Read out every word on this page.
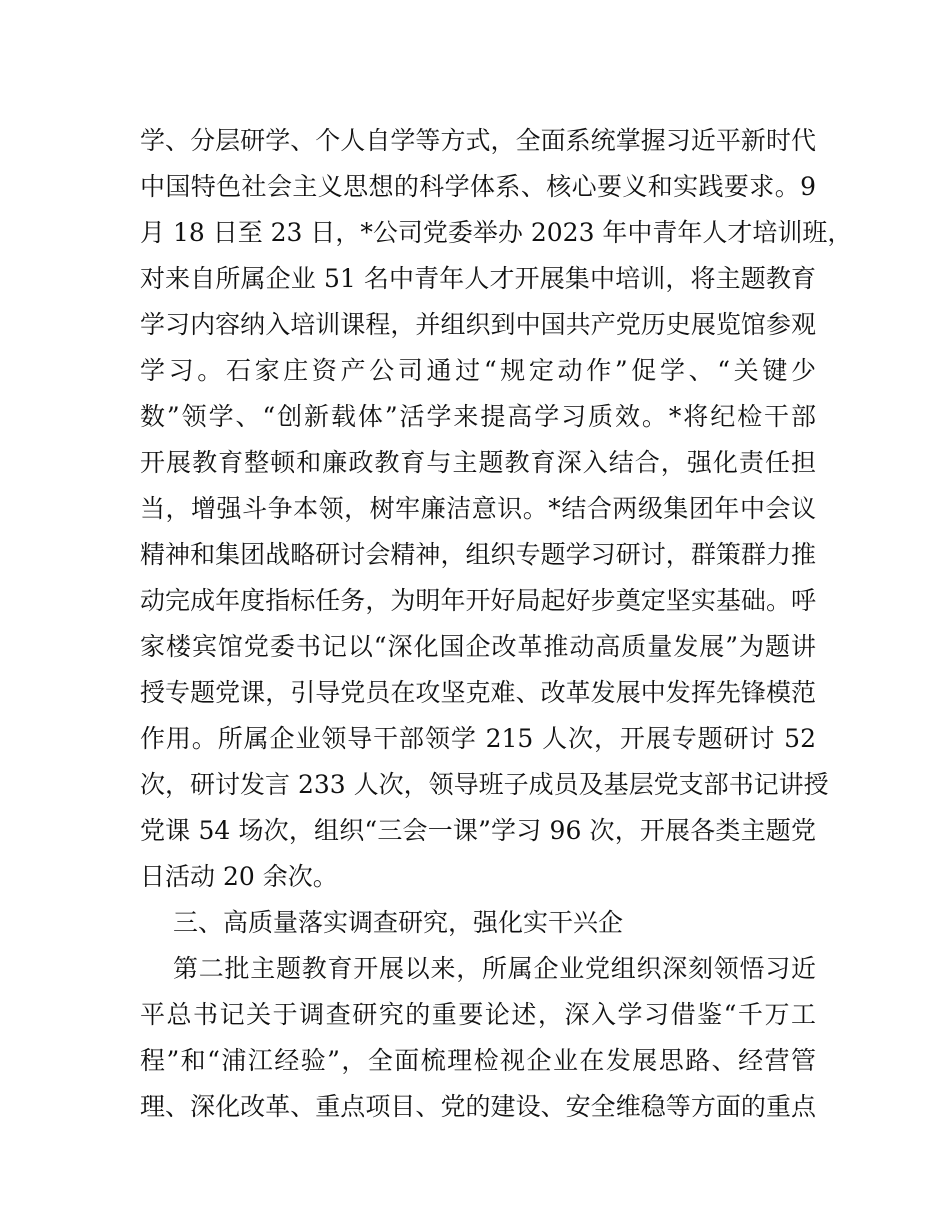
学、分层研学、个人自学等方式，全面系统掌握习近平新时代
中国特色社会主义思想的科学体系、核心要义和实践要求。9
月 18 日至 23 日，*公司党委举办 2023 年中青年人才培训班，
对来自所属企业 51 名中青年人才开展集中培训，将主题教育
学习内容纳入培训课程，并组织到中国共产党历史展览馆参观
学习。石家庄资产公司通过“规定动作”促学、“关键少
数”领学、“创新载体”活学来提高学习质效。*将纪检干部
开展教育整顿和廉政教育与主题教育深入结合，强化责任担
当，增强斗争本领，树牢廉洁意识。*结合两级集团年中会议
精神和集团战略研讨会精神，组织专题学习研讨，群策群力推
动完成年度指标任务，为明年开好局起好步奠定坚实基础。呼
家楼宾馆党委书记以“深化国企改革推动高质量发展”为题讲
授专题党课，引导党员在攻坚克难、改革发展中发挥先锋模范
作用。所属企业领导干部领学 215 人次，开展专题研讨 52
次，研讨发言 233 人次，领导班子成员及基层党支部书记讲授
党课 54 场次，组织“三会一课”学习 96 次，开展各类主题党
日活动 20 余次。
三、高质量落实调查研究，强化实干兴企
第二批主题教育开展以来，所属企业党组织深刻领悟习近
平总书记关于调查研究的重要论述，深入学习借鉴“千万工
程”和“浦江经验”，全面梳理检视企业在发展思路、经营管
理、深化改革、重点项目、党的建设、安全维稳等方面的重点
